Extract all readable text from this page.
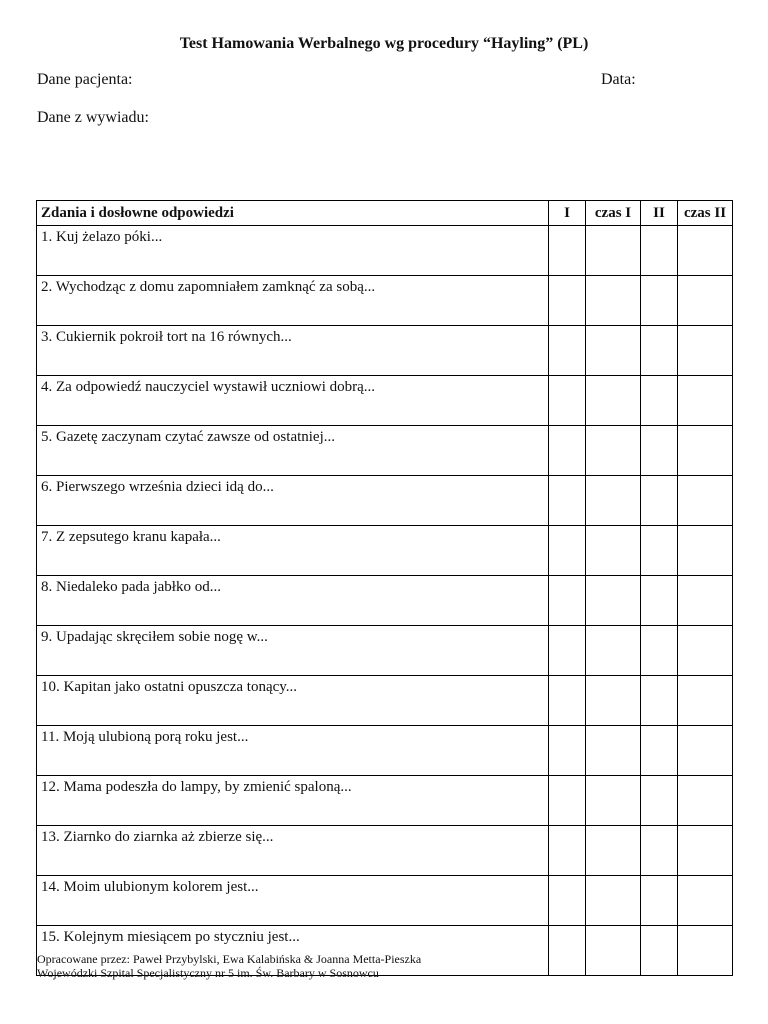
Test Hamowania Werbalnego wg procedury “Hayling” (PL)
Dane pacjenta:	Data:
Dane z wywiadu:
Zdania i dosłowne odpowiedzi	I	czas I	II	czas II
1. Kuj żelazo póki...				
2. Wychodząc z domu zapomniałem zamknąć za sobą...				
3. Cukiernik pokroił tort na 16 równych...				
4. Za odpowiedź nauczyciel wystawił uczniowi dobrą...				
5. Gazetę zaczynam czytać zawsze od ostatniej...				
6. Pierwszego września dzieci idą do...				
7. Z zepsutego kranu kapała...				
8. Niedaleko pada jabłko od...				
9. Upadając skręciłem sobie nogę w...				
10. Kapitan jako ostatni opuszcza tonący...				
11. Moją ulubioną porą roku jest...				
12. Mama podeszła do lampy, by zmienić spaloną...				
13. Ziarnko do ziarnka aż zbierze się...				
14. Moim ulubionym kolorem jest...				
15. Kolejnym miesiącem po styczniu jest...				
Opracowane przez: Paweł Przybylski, Ewa Kalabińska & Joanna Metta-Pieszka
Wojewódzki Szpital Specjalistyczny nr 5 im. Św. Barbary w Sosnowcu
